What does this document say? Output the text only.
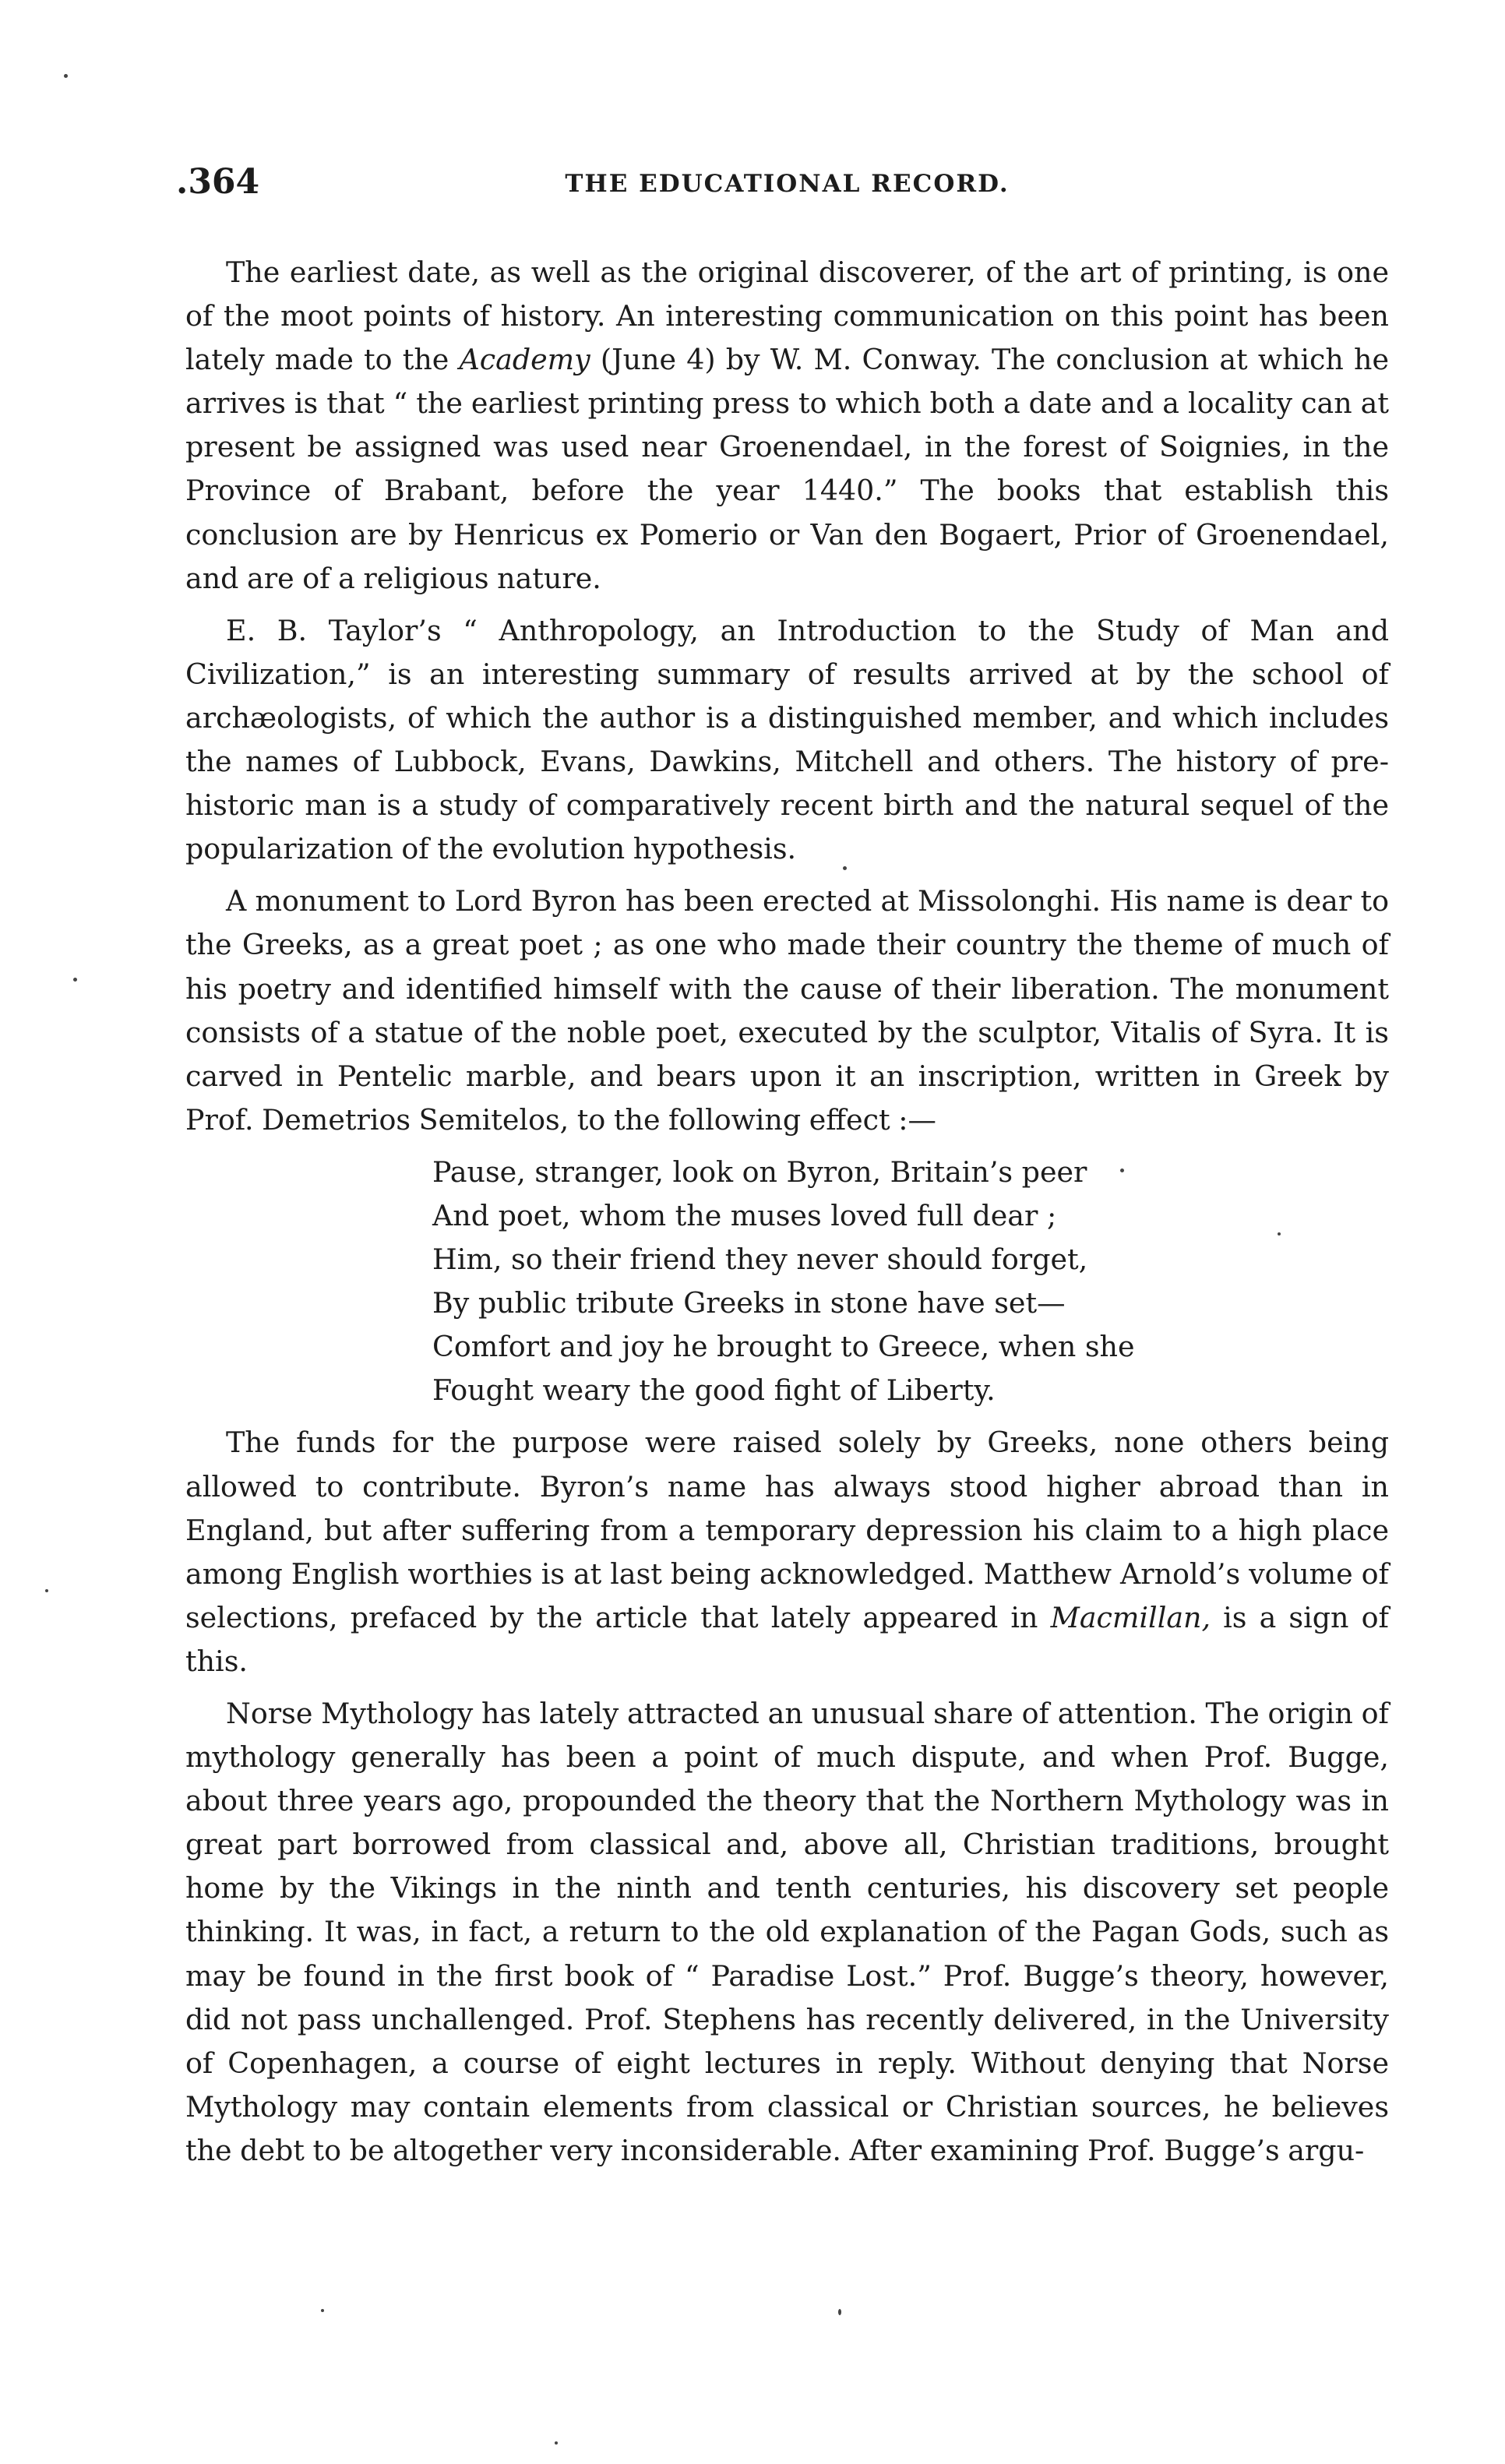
.364	THE EDUCATIONAL RECORD.

The earliest date, as well as the original discoverer, of the art of printing, is one of the moot points of history. An interesting communication on this point has been lately made to the Academy (June 4) by W. M. Conway. The conclusion at which he arrives is that “ the earliest printing press to which both a date and a locality can at present be assigned was used near Groenendael, in the forest of Soignies, in the Province of Brabant, before the year 1440.” The books that establish this conclusion are by Henricus ex Pomerio or Van den Bogaert, Prior of Groenendael, and are of a religious nature.

E. B. Taylor’s “ Anthropology, an Introduction to the Study of Man and Civilization,” is an interesting summary of results arrived at by the school of archæologists, of which the author is a distinguished member, and which includes the names of Lubbock, Evans, Dawkins, Mitchell and others. The history of pre-historic man is a study of comparatively recent birth and the natural sequel of the popularization of the evolution hypothesis.

A monument to Lord Byron has been erected at Missolonghi. His name is dear to the Greeks, as a great poet ; as one who made their country the theme of much of his poetry and identified himself with the cause of their liberation. The monument consists of a statue of the noble poet, executed by the sculptor, Vitalis of Syra. It is carved in Pentelic marble, and bears upon it an inscription, written in Greek by Prof. Demetrios Semitelos, to the following effect :—

Pause, stranger, look on Byron, Britain’s peer
And poet, whom the muses loved full dear ;
Him, so their friend they never should forget,
By public tribute Greeks in stone have set—
Comfort and joy he brought to Greece, when she
Fought weary the good fight of Liberty.

The funds for the purpose were raised solely by Greeks, none others being allowed to contribute. Byron’s name has always stood higher abroad than in England, but after suffering from a temporary depression his claim to a high place among English worthies is at last being acknowledged. Matthew Arnold’s volume of selections, prefaced by the article that lately appeared in Macmillan, is a sign of this.

Norse Mythology has lately attracted an unusual share of attention. The origin of mythology generally has been a point of much dispute, and when Prof. Bugge, about three years ago, propounded the theory that the Northern Mythology was in great part borrowed from classical and, above all, Christian traditions, brought home by the Vikings in the ninth and tenth centuries, his discovery set people thinking. It was, in fact, a return to the old explanation of the Pagan Gods, such as may be found in the first book of “ Paradise Lost.” Prof. Bugge’s theory, however, did not pass unchallenged. Prof. Stephens has recently delivered, in the University of Copenhagen, a course of eight lectures in reply. Without denying that Norse Mythology may contain elements from classical or Christian sources, he believes the debt to be altogether very inconsiderable. After examining Prof. Bugge’s argu-
